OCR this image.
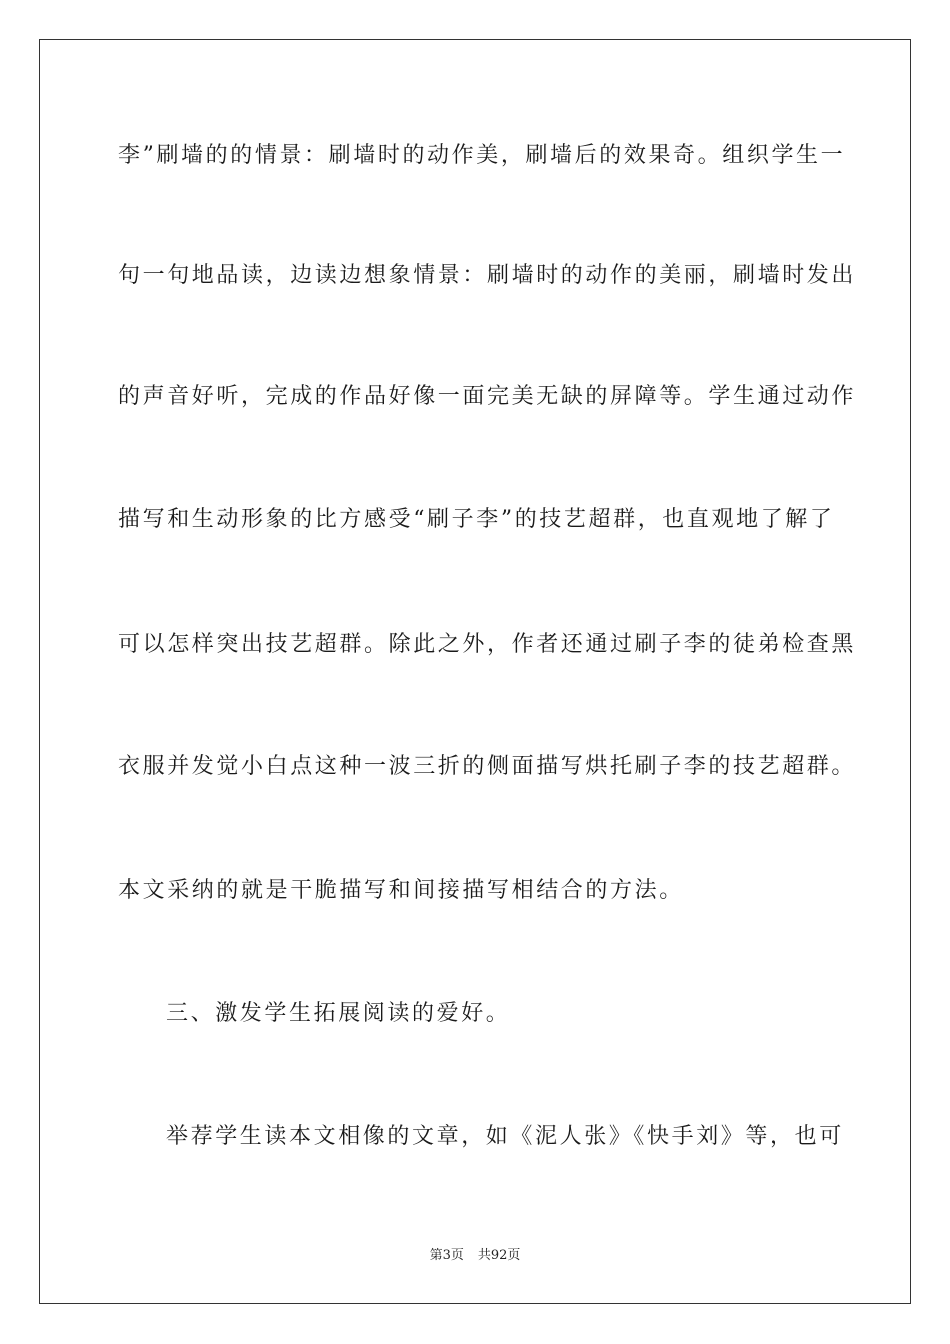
李”刷墙的的情景：刷墙时的动作美，刷墙后的效果奇。组织学生一
句一句地品读，边读边想象情景：刷墙时的动作的美丽，刷墙时发出
的声音好听，完成的作品好像一面完美无缺的屏障等。学生通过动作
描写和生动形象的比方感受“刷子李”的技艺超群，也直观地了解了
可以怎样突出技艺超群。除此之外，作者还通过刷子李的徒弟检查黑
衣服并发觉小白点这种一波三折的侧面描写烘托刷子李的技艺超群。
本文采纳的就是干脆描写和间接描写相结合的方法。
三、激发学生拓展阅读的爱好。
举荐学生读本文相像的文章，如《泥人张》《快手刘》等，也可
第3页 共92页
